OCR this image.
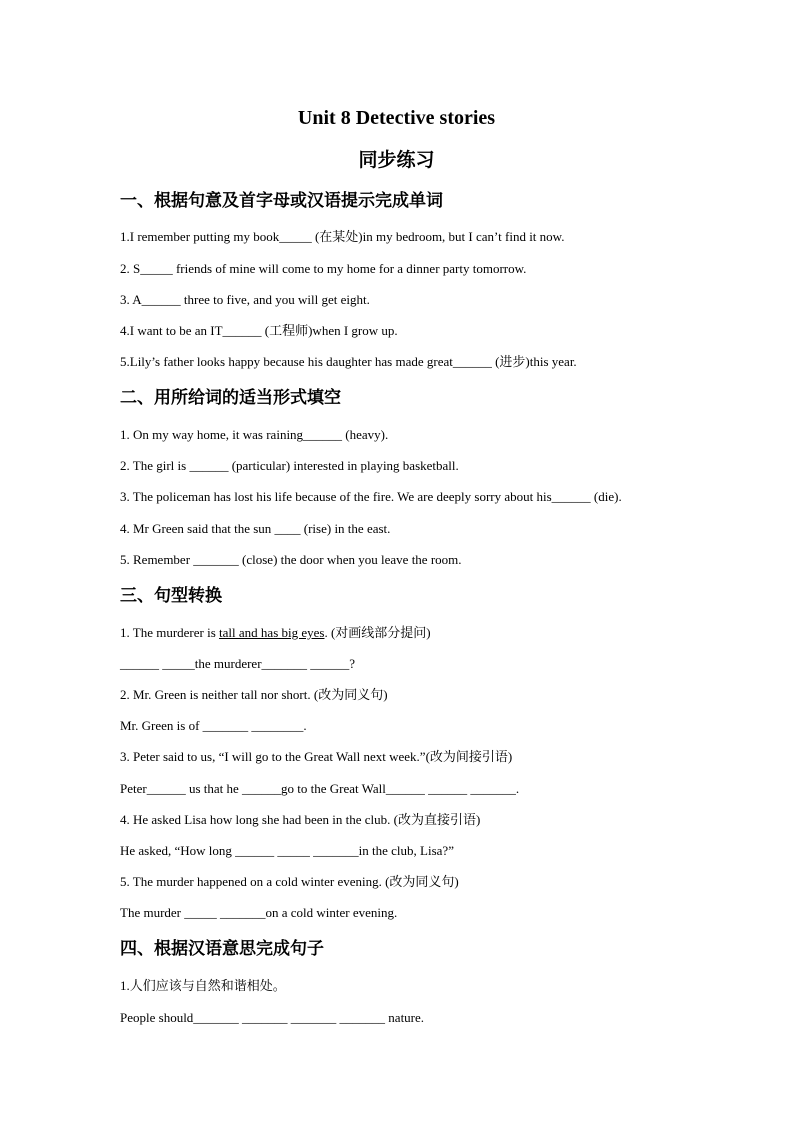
Unit 8 Detective stories
同步练习
一、根据句意及首字母或汉语提示完成单词
1.I remember putting my book_____ (在某处)in my bedroom, but I can’t find it now.
2. S_____ friends of mine will come to my home for a dinner party tomorrow.
3. A______ three to five, and you will get eight.
4.I want to be an IT______ (工程师)when I grow up.
5.Lily’s father looks happy because his daughter has made great______ (进步)this year.
二、用所给词的适当形式填空
1. On my way home, it was raining______ (heavy).
2. The girl is ______ (particular) interested in playing basketball.
3. The policeman has lost his life because of the fire. We are deeply sorry about his______ (die).
4. Mr Green said that the sun ____ (rise) in the east.
5. Remember _______ (close) the door when you leave the room.
三、句型转换
1. The murderer is tall and has big eyes. (对画线部分提问)
______ _____the murderer_______ ______?
2. Mr. Green is neither tall nor short. (改为同义句)
Mr. Green is of _______ ________.
3. Peter said to us, “I will go to the Great Wall next week.”(改为间接引语)
Peter______ us that he ______go to the Great Wall______ ______ _______.
4. He asked Lisa how long she had been in the club. (改为直接引语)
He asked, “How long ______ _____ _______in the club, Lisa?”
5. The murder happened on a cold winter evening. (改为同义句)
The murder _____ _______on a cold winter evening.
四、根据汉语意思完成句子
1.人们应该与自然和谐相处。
People should_______ _______ _______ _______ nature.
